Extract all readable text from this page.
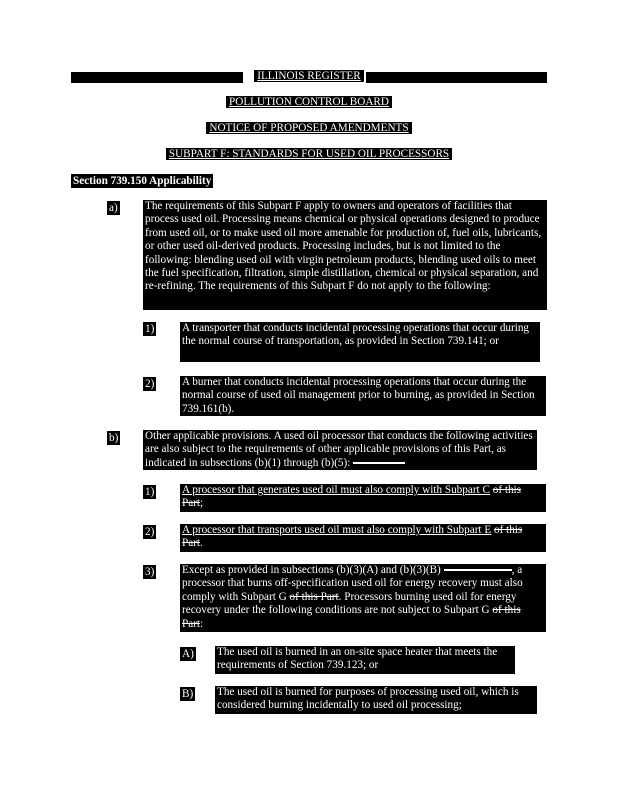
ILLINOIS REGISTER
POLLUTION CONTROL BOARD
NOTICE OF PROPOSED AMENDMENTS
SUBPART F: STANDARDS FOR USED OIL PROCESSORS
Section 739.150 Applicability
a) The requirements of this Subpart F apply to owners and operators of facilities that process used oil. Processing means chemical or physical operations designed to produce from used oil, or to make used oil more amenable for production of, fuel oils, lubricants, or other used oil-derived products. Processing includes, but is not limited to the following: blending used oil with virgin petroleum products, blending used oils to meet the fuel specification, filtration, simple distillation, chemical or physical separation, and re-refining. The requirements of this Subpart F do not apply to the following:
1) A transporter that conducts incidental processing operations that occur during the normal course of transportation, as provided in Section 739.141; or
2) A burner that conducts incidental processing operations that occur during the normal course of used oil management prior to burning, as provided in Section 739.161(b).
b) Other applicable provisions. A used oil processor that conducts the following activities are also subject to the requirements of other applicable provisions of this Part, as indicated in subsections (b)(1) through (b)(5):
1) A processor that generates used oil must also comply with Subpart C of this Part;
2) A processor that transports used oil must also comply with Subpart E of this Part.
3) Except as provided in subsections (b)(3)(A) and (b)(3)(B)	, a processor that burns off-specification used oil for energy recovery must also comply with Subpart G of this Part. Processors burning used oil for energy recovery under the following conditions are not subject to Subpart G of this Part:
A) The used oil is burned in an on-site space heater that meets the requirements of Section 739.123; or
B) The used oil is burned for purposes of processing used oil, which is considered burning incidentally to used oil processing;
